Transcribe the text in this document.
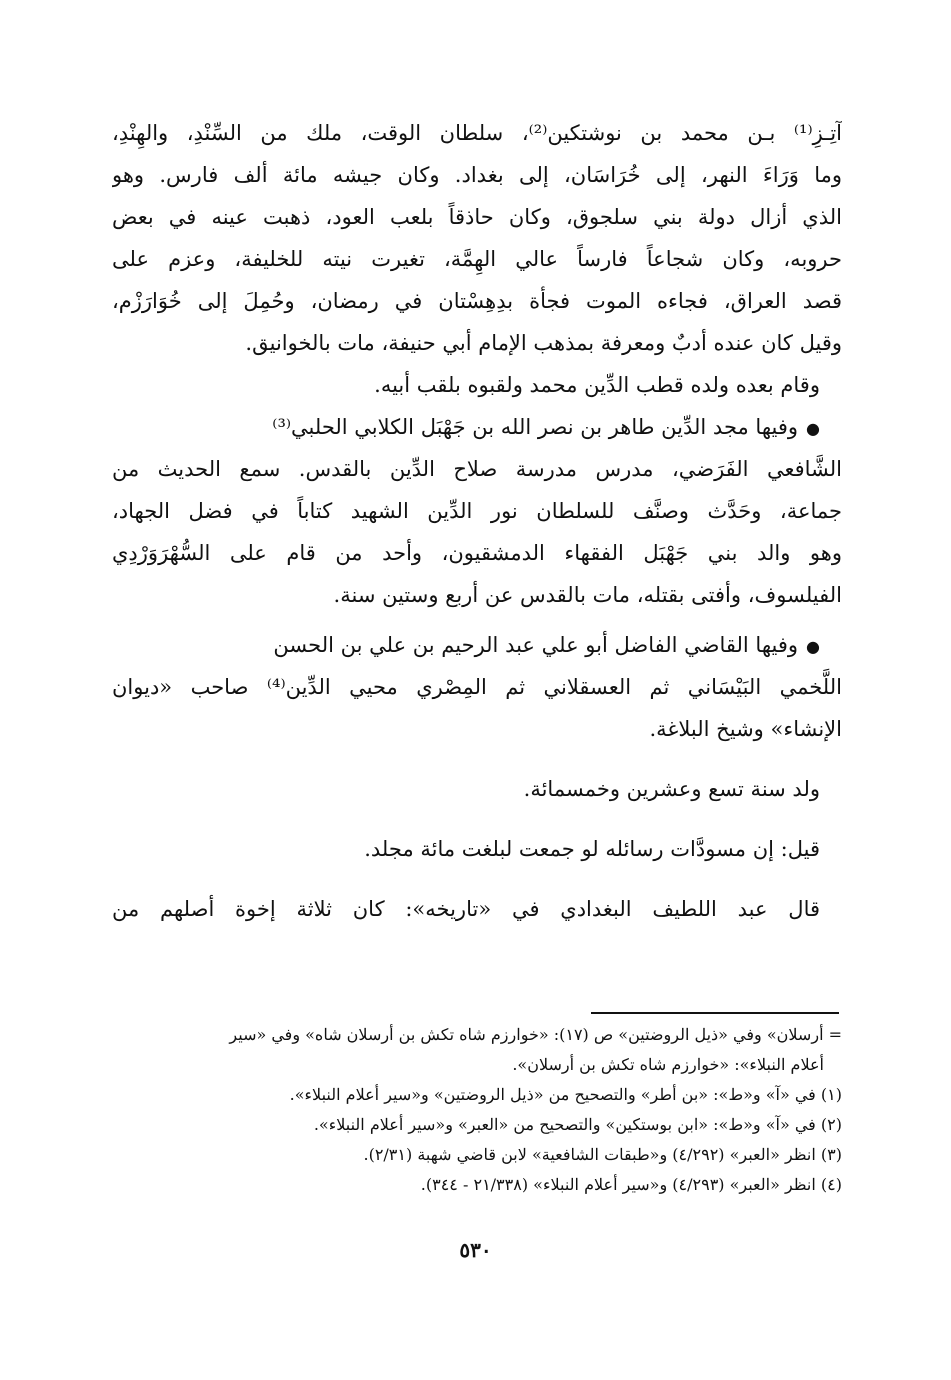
آتِـزِ⁽¹⁾ بـن محمد بن نوشتكين⁽²⁾، سلطان الوقت، ملك من السِّنْدِ، والهِنْدِ،
وما وَرَاءَ النهر، إلى خُرَاسَان، إلى بغداد. وكان جيشه مائة ألف فارس. وهو
الذي أزال دولة بني سلجوق، وكان حاذقاً بلعب العود، ذهبت عينه في بعض
حروبه، وكان شجاعاً فارساً عالي الهِمَّة، تغيرت نيته للخليفة، وعزم على
قصد العراق، فجاءه الموت فجأة بدِهِسْتان في رمضان، وحُمِلَ إلى خُوَارَزْم،
وقيل كان عنده أدبٌ ومعرفة بمذهب الإمام أبي حنيفة، مات بالخوانيق.
وقام بعده ولده قطب الدِّين محمد ولقبوه بلقب أبيه.
●وفيها مجد الدِّين طاهر بن نصر الله بن جَهْبَل الكلابي الحلبي⁽³⁾
الشَّافعي الفَرَضي، مدرس مدرسة صلاح الدِّين بالقدس. سمع الحديث من
جماعة، وحَدَّث وصنَّف للسلطان نور الدِّين الشهيد كتاباً في فضل الجهاد،
وهو والد بني جَهْبَل الفقهاء الدمشقيون، وأحد من قام على السُّهْرَوَرْدِي
الفيلسوف، وأفتى بقتله، مات بالقدس عن أربع وستين سنة.
●وفيها القاضي الفاضل أبو علي عبد الرحيم بن علي بن الحسن
اللَّخمي البَيْسَاني ثم العسقلاني ثم المِصْري محيي الدِّين⁽⁴⁾ صاحب «ديوان
الإنشاء» وشيخ البلاغة.
ولد سنة تسع وعشرين وخمسمائة.
قيل: إن مسودَّات رسائله لو جمعت لبلغت مائة مجلد.
قال عبد اللطيف البغدادي في «تاريخه»: كان ثلاثة إخوة أصلهم من
= أرسلان» وفي «ذيل الروضتين» ص (١٧): «خوارزم شاه تكش بن أرسلان شاه» وفي «سير
أعلام النبلاء»: «خوارزم شاه تكش بن أرسلان».
(١) في «آ» و«ط»: «بن أطر» والتصحيح من «ذيل الروضتين» و«سير أعلام النبلاء».
(٢) في «آ» و«ط»: «ابن بوستكين» والتصحيح من «العبر» و«سير أعلام النبلاء».
(٣) انظر «العبر» (٤/٢٩٢) و«طبقات الشافعية» لابن قاضي شهبة (٢/٣١).
(٤) انظر «العبر» (٤/٢٩٣) و«سير أعلام النبلاء» (٢١/٣٣٨ - ٣٤٤).
٥٣٠
